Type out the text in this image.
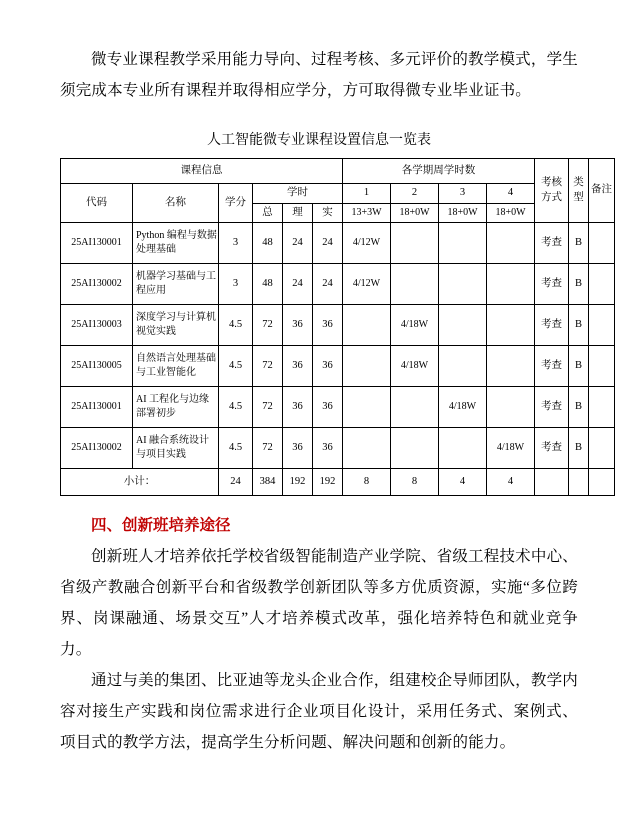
微专业课程教学采用能力导向、过程考核、多元评价的教学模式，学生须完成本专业所有课程并取得相应学分，方可取得微专业毕业证书。

人工智能微专业课程设置信息一览表
课程信息						各学期周学时数				考核方式	类型	备注
代码	名称	学分	学时			1	2	3	4			
			总	理	实	13+3W	18+0W	18+0W	18+0W			
25AI130001	Python 编程与数据处理基础	3	48	24	24	4/12W				考查	B	
25AI130002	机器学习基础与工程应用	3	48	24	24	4/12W				考查	B	
25AI130003	深度学习与计算机视觉实践	4.5	72	36	36		4/18W			考查	B	
25AI130005	自然语言处理基础与工业智能化	4.5	72	36	36		4/18W			考查	B	
25AI130001	AI 工程化与边缘部署初步	4.5	72	36	36			4/18W		考查	B	
25AI130002	AI 融合系统设计与项目实践	4.5	72	36	36				4/18W	考查	B	
小计：		24	384	192	192	8	8	4	4			
四、创新班培养途径

创新班人才培养依托学校省级智能制造产业学院、省级工程技术中心、省级产教融合创新平台和省级教学创新团队等多方优质资源，实施“多位跨界、岗课融通、场景交互”人才培养模式改革，强化培养特色和就业竞争力。

通过与美的集团、比亚迪等龙头企业合作，组建校企导师团队，教学内容对接生产实践和岗位需求进行企业项目化设计，采用任务式、案例式、项目式的教学方法，提高学生分析问题、解决问题和创新的能力。
